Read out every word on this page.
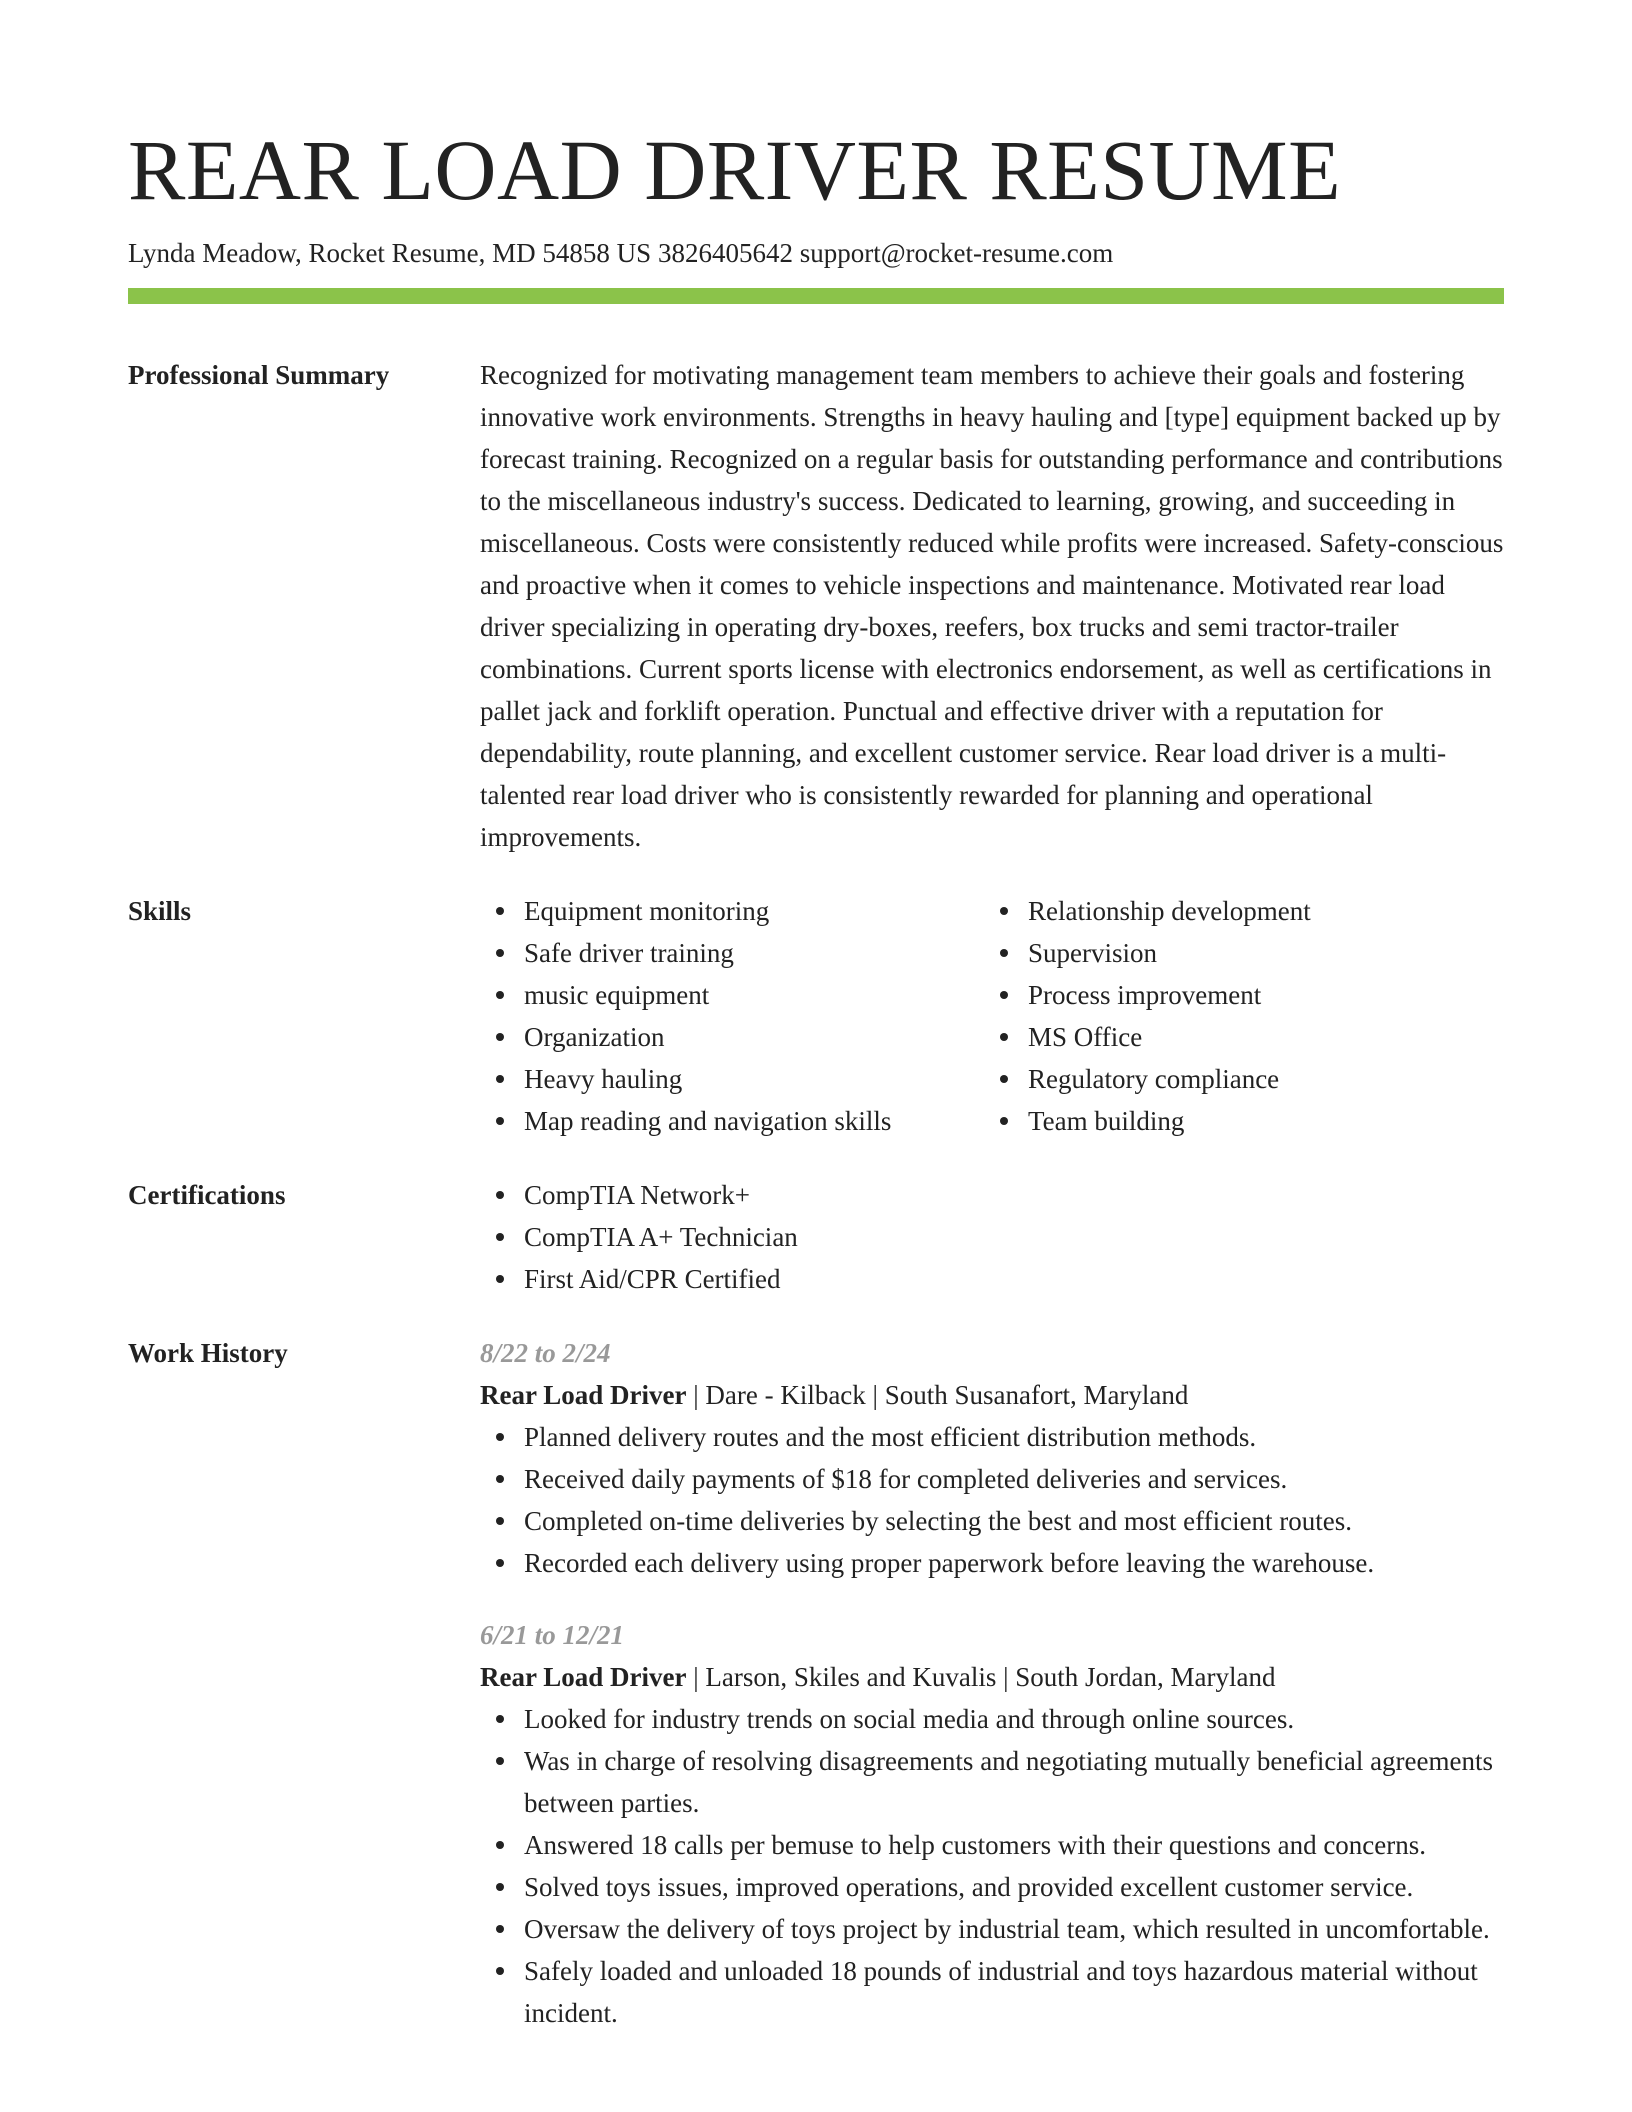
REAR LOAD DRIVER RESUME
Lynda Meadow, Rocket Resume, MD 54858 US 3826405642 support@rocket-resume.com
Professional Summary	Recognized for motivating management team members to achieve their goals and fostering innovative work environments. Strengths in heavy hauling and [type] equipment backed up by forecast training. Recognized on a regular basis for outstanding performance and contributions to the miscellaneous industry's success. Dedicated to learning, growing, and succeeding in miscellaneous. Costs were consistently reduced while profits were increased. Safety-conscious and proactive when it comes to vehicle inspections and maintenance. Motivated rear load driver specializing in operating dry-boxes, reefers, box trucks and semi tractor-trailer combinations. Current sports license with electronics endorsement, as well as certifications in pallet jack and forklift operation. Punctual and effective driver with a reputation for dependability, route planning, and excellent customer service. Rear load driver is a multi-talented rear load driver who is consistently rewarded for planning and operational improvements.
Skills	Equipment monitoring
Safe driver training
music equipment
Organization
Heavy hauling
Map reading and navigation skills
Relationship development
Supervision
Process improvement
MS Office
Regulatory compliance
Team building
Certifications	CompTIA Network+
CompTIA A+ Technician
First Aid/CPR Certified
Work History	8/22 to 2/24
Rear Load Driver | Dare - Kilback | South Susanafort, Maryland
Planned delivery routes and the most efficient distribution methods.
Received daily payments of $18 for completed deliveries and services.
Completed on-time deliveries by selecting the best and most efficient routes.
Recorded each delivery using proper paperwork before leaving the warehouse.
6/21 to 12/21
Rear Load Driver | Larson, Skiles and Kuvalis | South Jordan, Maryland
Looked for industry trends on social media and through online sources.
Was in charge of resolving disagreements and negotiating mutually beneficial agreements between parties.
Answered 18 calls per bemuse to help customers with their questions and concerns.
Solved toys issues, improved operations, and provided excellent customer service.
Oversaw the delivery of toys project by industrial team, which resulted in uncomfortable.
Safely loaded and unloaded 18 pounds of industrial and toys hazardous material without incident.
